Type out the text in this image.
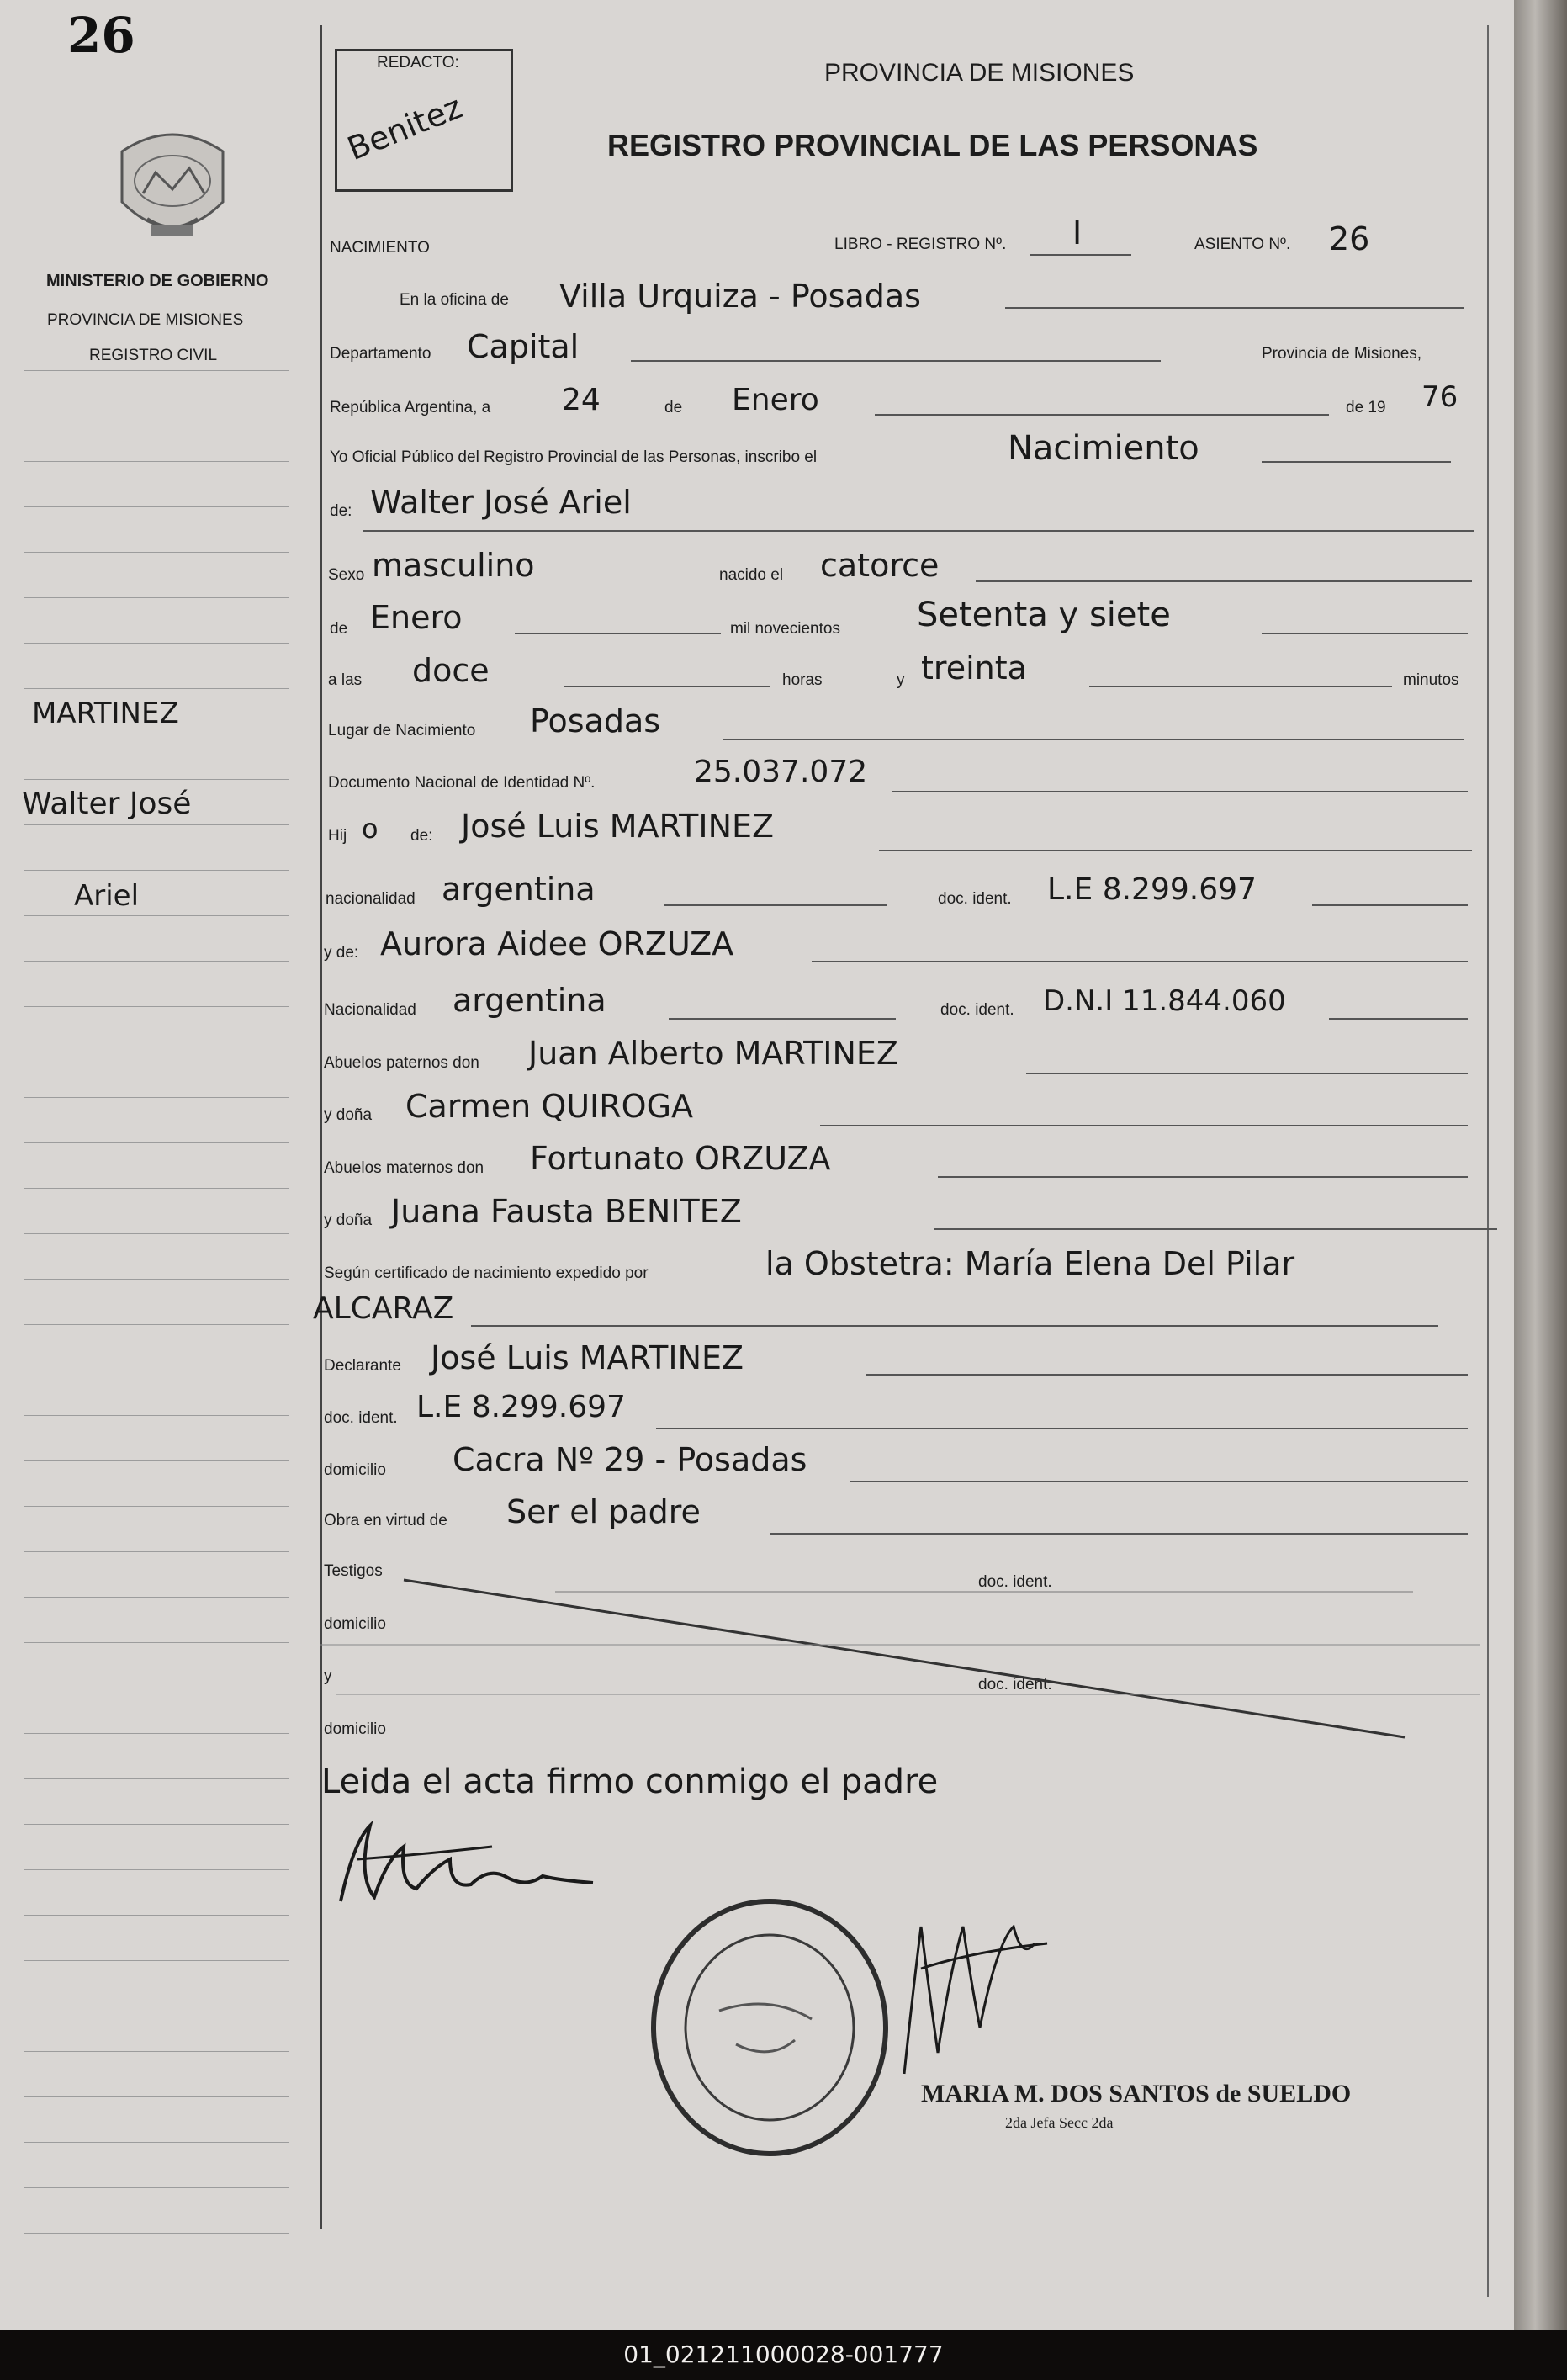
26
MINISTERIO DE GOBIERNO
PROVINCIA DE MISIONES
REGISTRO CIVIL
MARTINEZ
Walter José
Ariel
REDACTO:
Benitez
PROVINCIA DE MISIONES
REGISTRO PROVINCIAL DE LAS PERSONAS
NACIMIENTO	LIBRO - REGISTRO Nº. I	ASIENTO Nº. 26
En la oficina de Villa Urquiza - Posadas
Departamento Capital	Provincia de Misiones,
República Argentina, a 24	de Enero	de 19 76
Yo Oficial Público del Registro Provincial de las Personas, inscribo el	Nacimiento
de: Walter José Ariel
Sexo masculino	nacido el catorce
de Enero	mil novecientos Setenta y siete
a las doce	horas	y treinta	minutos
Lugar de Nacimiento Posadas
Documento Nacional de Identidad Nº.	25.037.072
Hij o de: José Luis MARTINEZ
nacionalidad argentina	doc. ident. L.E 8.299.697
y de: Aurora Aidee ORZUZA
Nacionalidad argentina	doc. ident. D.N.I 11.844.060
Abuelos paternos don Juan Alberto MARTINEZ
y doña Carmen QUIROGA
Abuelos maternos don Fortunato ORZUZA
y doña Juana Fausta BENITEZ
Según certificado de nacimiento expedido por	la Obstetra: María Elena Del Pilar
ALCARAZ
Declarante José Luis MARTINEZ
doc. ident. L.E 8.299.697
domicilio Cacra Nº 29 - Posadas
Obra en virtud de Ser el padre
Testigos
doc. ident.
domicilio
y	doc. ident.
domicilio
Leida el acta firmo conmigo el padre
MARIA M. DOS SANTOS de SUELDO
2da Jefa Secc 2da
01_021211000028-001777
